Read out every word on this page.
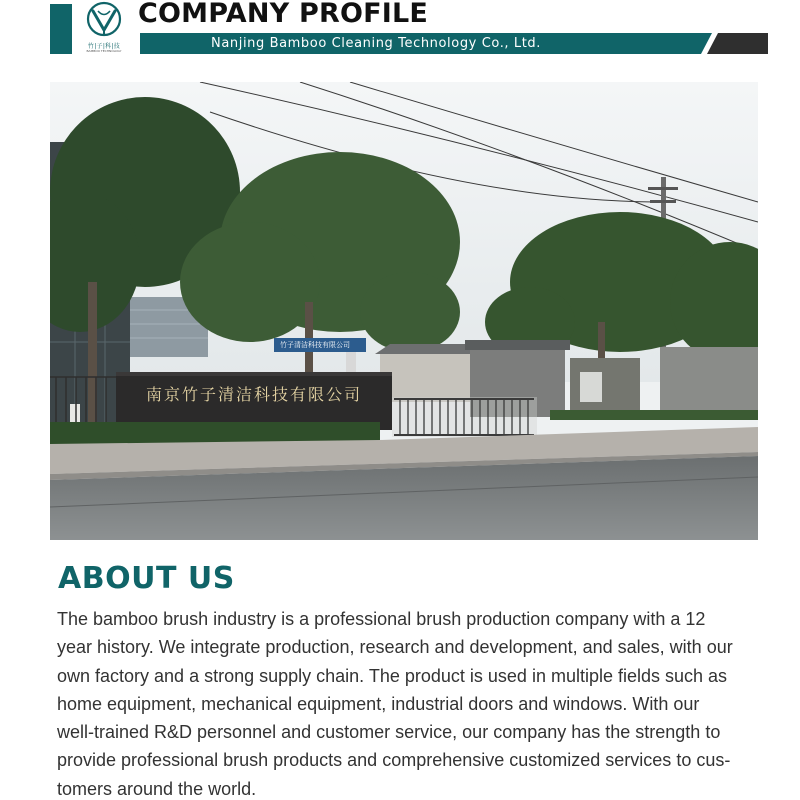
竹|子|科|技
BAMBOO TECHNOLOGY
COMPANY PROFILE
Nanjing Bamboo Cleaning Technology Co., Ltd.
竹子清洁科技有限公司
南京竹子清洁科技有限公司
ABOUT US
The bamboo brush industry is a professional brush production company with a 12
year history. We integrate production, research and development, and sales, with our
own factory and a strong supply chain. The product is used in multiple fields such as
home equipment, mechanical equipment, industrial doors and windows. With our
well-trained R&D personnel and customer service, our company has the strength to
provide professional brush products and comprehensive customized services to cus-
tomers around the world.
